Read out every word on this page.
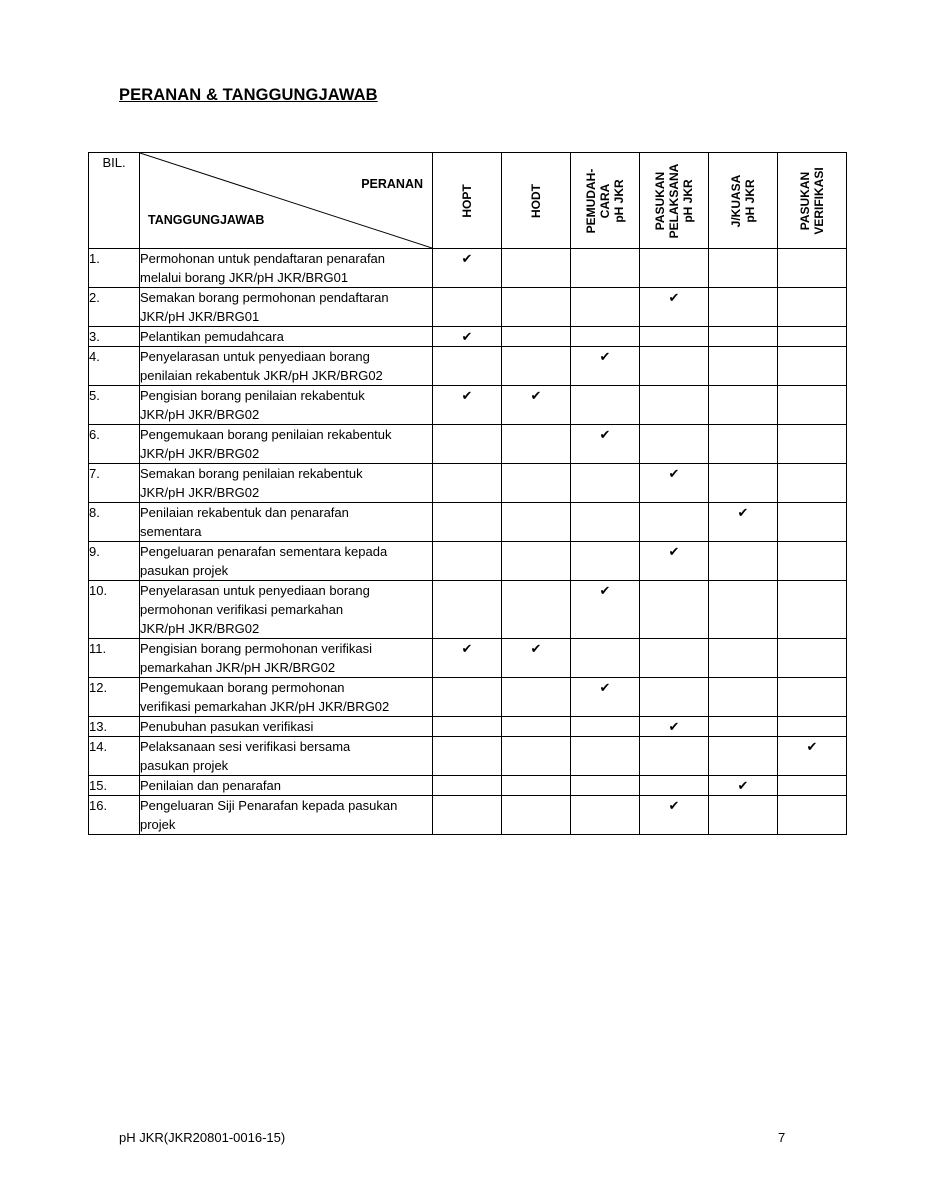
PERANAN & TANGGUNGJAWAB
BIL.	PERANAN
TANGGUNGJAWAB	HOPT	HODT	PEMUDAH- CARA pH JKR	PASUKAN PELAKSANA pH JKR	J/KUASA pH JKR	PASUKAN VERIFIKASI

1.	Permohonan untuk pendaftaran penarafan
melalui borang JKR/pH JKR/BRG01	✔					
2.	Semakan borang permohonan pendaftaran
JKR/pH JKR/BRG01				✔		
3.	Pelantikan pemudahcara	✔					
4.	Penyelarasan untuk penyediaan borang
penilaian rekabentuk JKR/pH JKR/BRG02			✔			
5.	Pengisian borang penilaian rekabentuk
JKR/pH JKR/BRG02	✔	✔				
6.	Pengemukaan borang penilaian rekabentuk
JKR/pH JKR/BRG02			✔			
7.	Semakan borang penilaian rekabentuk
JKR/pH JKR/BRG02				✔		
8.	Penilaian rekabentuk dan penarafan
sementara					✔	
9.	Pengeluaran penarafan sementara kepada
pasukan projek				✔		
10.	Penyelarasan untuk penyediaan borang
permohonan verifikasi pemarkahan
JKR/pH JKR/BRG02			✔			
11.	Pengisian borang permohonan verifikasi
pemarkahan JKR/pH JKR/BRG02	✔	✔				
12.	Pengemukaan borang permohonan
verifikasi pemarkahan JKR/pH JKR/BRG02			✔			
13.	Penubuhan pasukan verifikasi				✔		
14.	Pelaksanaan sesi verifikasi bersama
pasukan projek						✔
15.	Penilaian dan penarafan					✔	
16.	Pengeluaran Siji Penarafan kepada pasukan
projek				✔		
pH JKR(JKR20801-0016-15)	7
